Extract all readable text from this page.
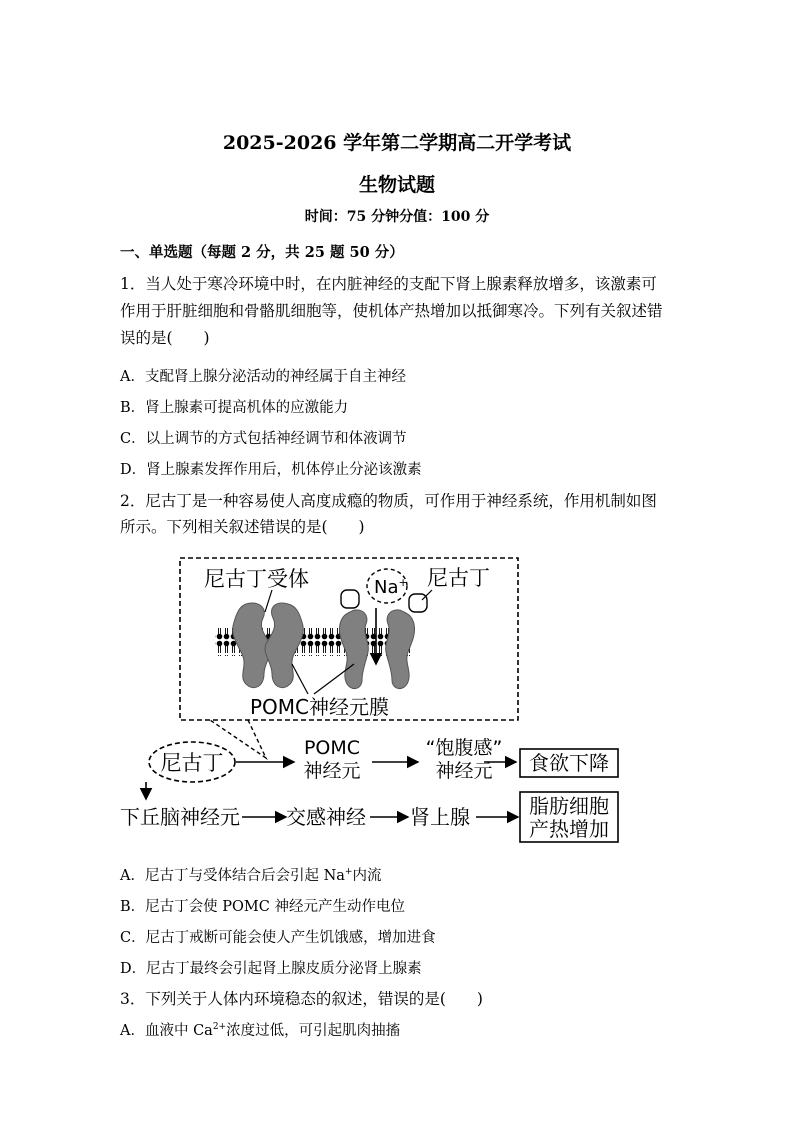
2025-2026 学年第二学期高二开学考试
生物试题
时间：75 分钟分值：100 分
一、单选题（每题 2 分，共 25 题 50 分）
1．当人处于寒冷环境中时，在内脏神经的支配下肾上腺素释放增多，该激素可
作用于肝脏细胞和骨骼肌细胞等，使机体产热增加以抵御寒冷。下列有关叙述错
误的是(　　)
A．支配肾上腺分泌活动的神经属于自主神经
B．肾上腺素可提高机体的应激能力
C．以上调节的方式包括神经调节和体液调节
D．肾上腺素发挥作用后，机体停止分泌该激素
2．尼古丁是一种容易使人高度成瘾的物质，可作用于神经系统，作用机制如图
所示。下列相关叙述错误的是(　　)
Na+
尼古丁受体	尼古丁
POMC神经元膜
尼古丁
POMC
神经元
“饱腹感”
神经元 食欲下降
下丘脑神经元 交感神经 肾上腺	脂肪细胞
产热增加
A．尼古丁与受体结合后会引起 Na+内流
B．尼古丁会使 POMC 神经元产生动作电位
C．尼古丁戒断可能会使人产生饥饿感，增加进食
D．尼古丁最终会引起肾上腺皮质分泌肾上腺素
3．下列关于人体内环境稳态的叙述，错误的是(　　)
A．血液中 $Ca^{2+}$浓度过低，可引起肌肉抽搐
